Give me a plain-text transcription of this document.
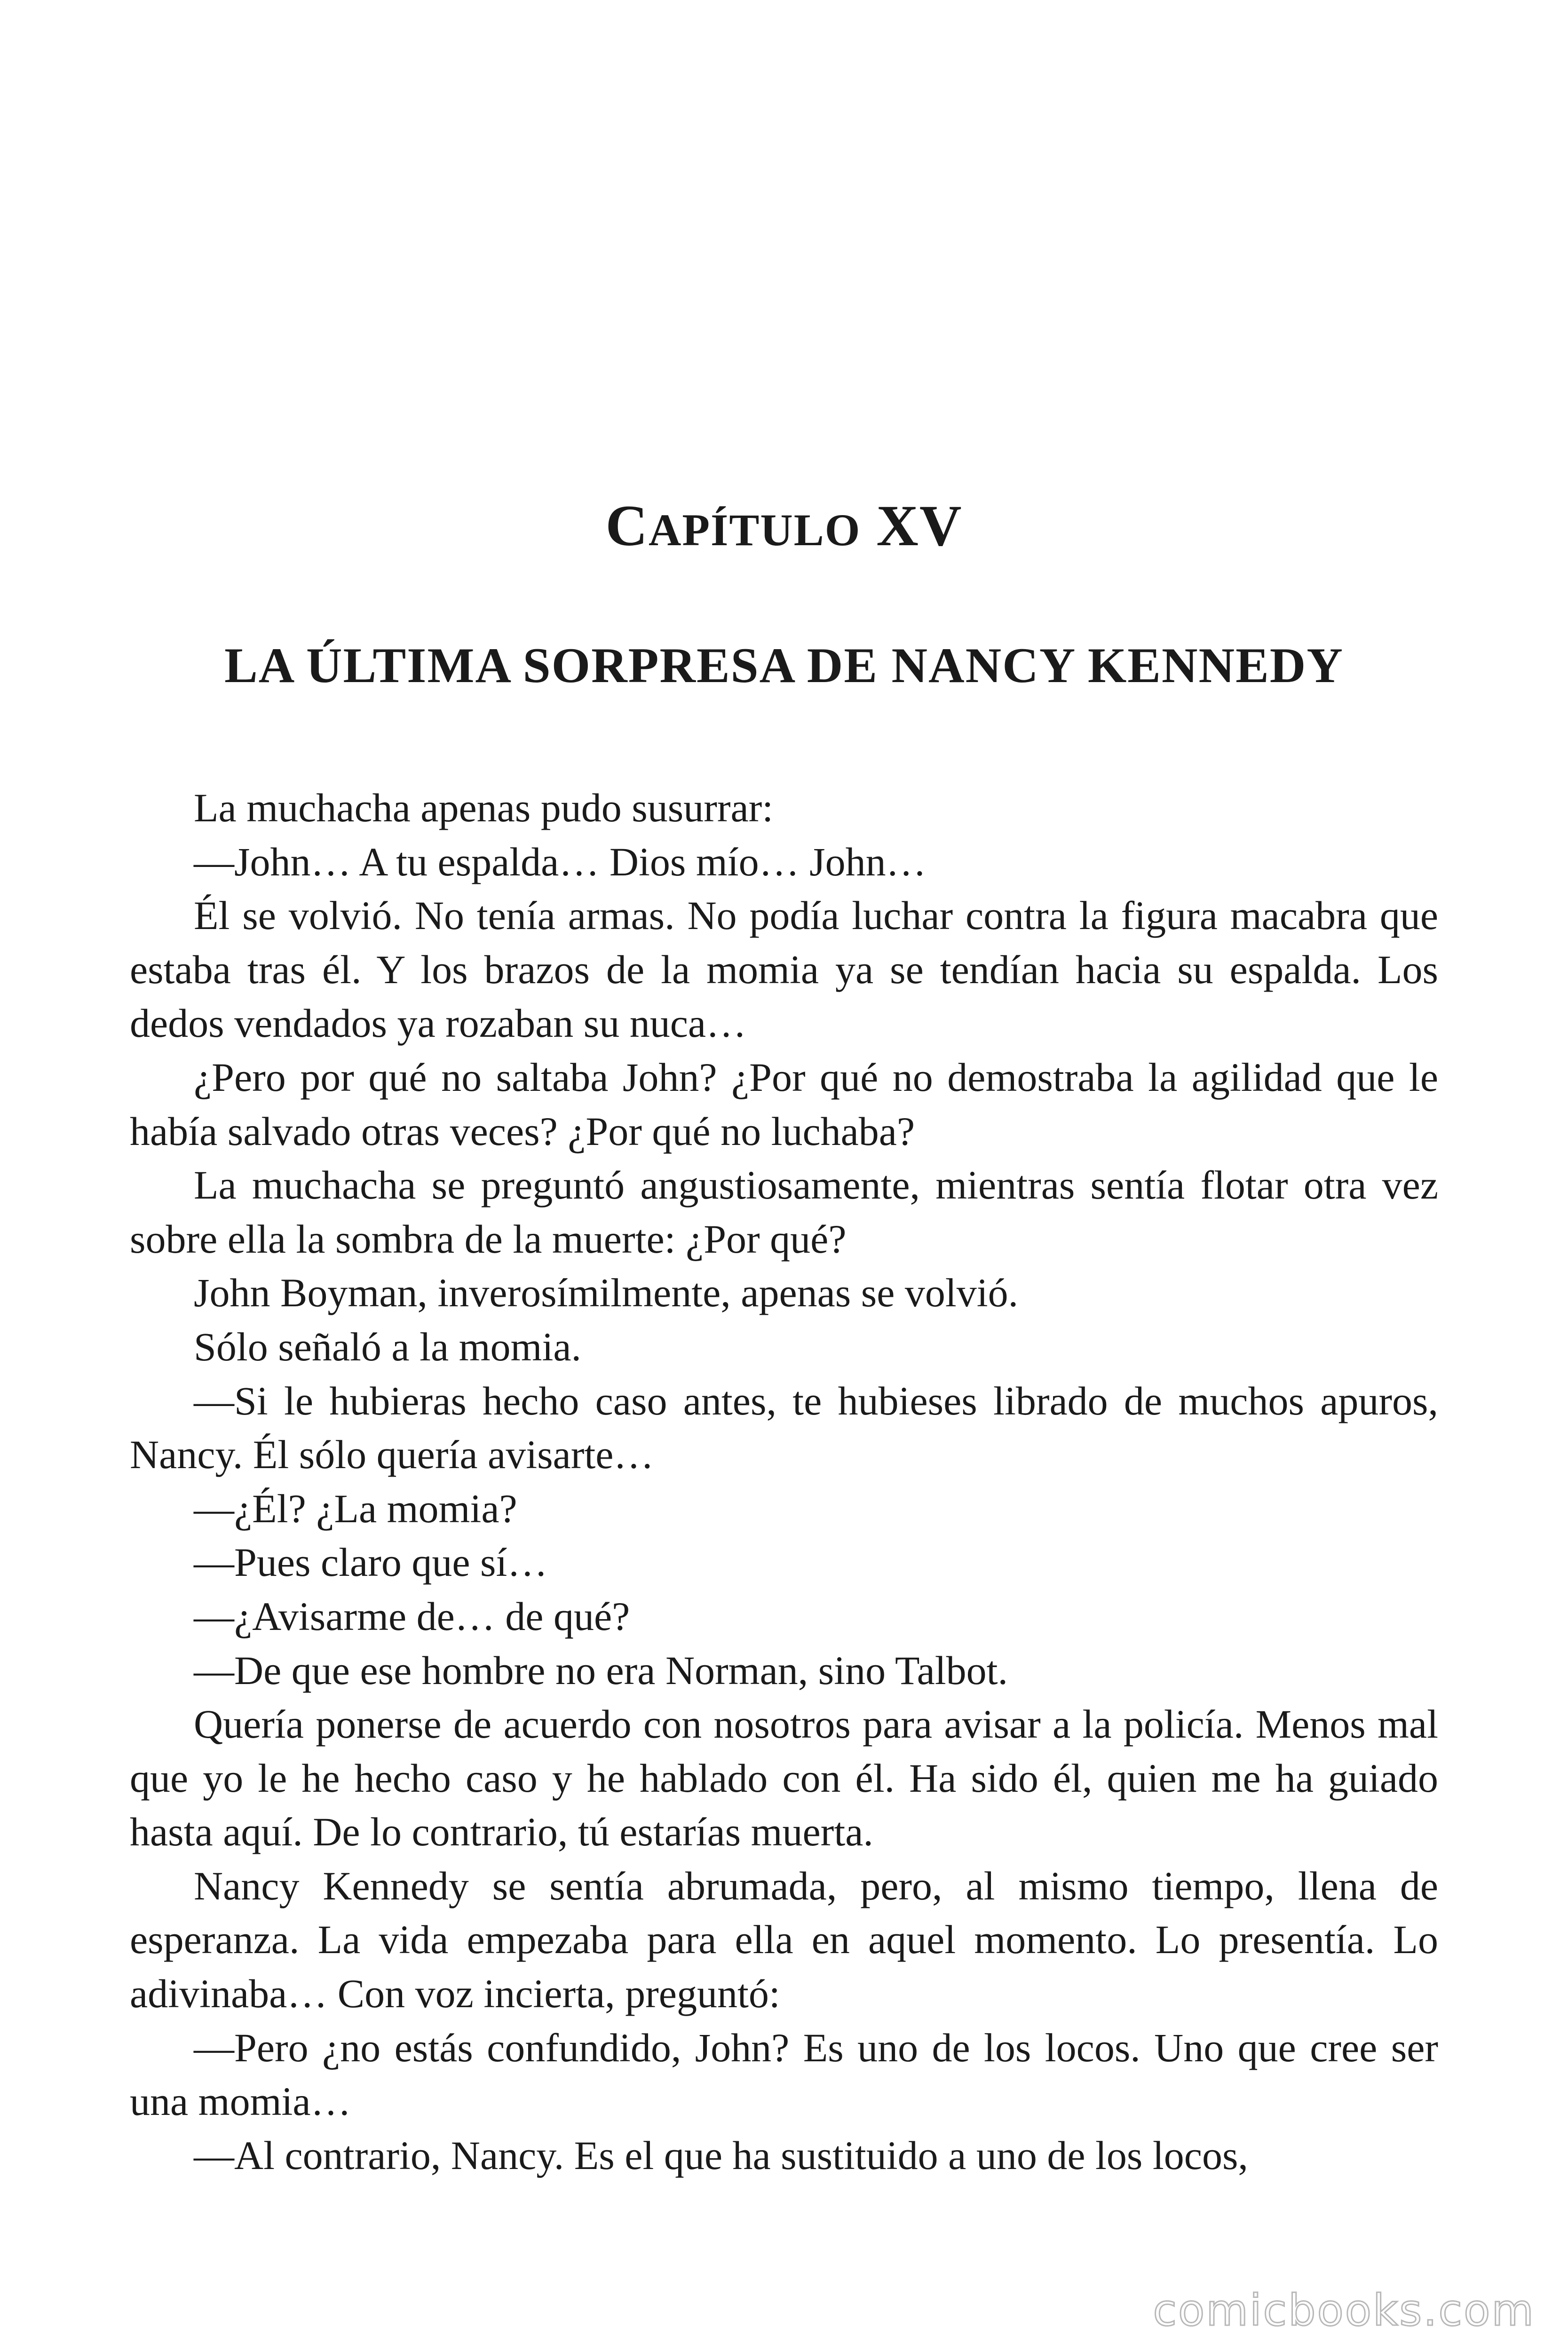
CAPÍTULO XV
LA ÚLTIMA SORPRESA DE NANCY KENNEDY

La muchacha apenas pudo susurrar:

—John… A tu espalda… Dios mío… John…

Él se volvió. No tenía armas. No podía luchar contra la figura macabra que estaba tras él. Y los brazos de la momia ya se tendían hacia su espalda. Los dedos vendados ya rozaban su nuca…

¿Pero por qué no saltaba John? ¿Por qué no demostraba la agilidad que le había salvado otras veces? ¿Por qué no luchaba?

La muchacha se preguntó angustiosamente, mientras sentía flotar otra vez sobre ella la sombra de la muerte: ¿Por qué?

John Boyman, inverosímilmente, apenas se volvió.

Sólo señaló a la momia.

—Si le hubieras hecho caso antes, te hubieses librado de muchos apuros, Nancy. Él sólo quería avisarte…

—¿Él? ¿La momia?

—Pues claro que sí…

—¿Avisarme de… de qué?

—De que ese hombre no era Norman, sino Talbot.

Quería ponerse de acuerdo con nosotros para avisar a la policía. Menos mal que yo le he hecho caso y he hablado con él. Ha sido él, quien me ha guiado hasta aquí. De lo contrario, tú estarías muerta.

Nancy Kennedy se sentía abrumada, pero, al mismo tiempo, llena de esperanza. La vida empezaba para ella en aquel momento. Lo presentía. Lo adivinaba… Con voz incierta, preguntó:

—Pero ¿no estás confundido, John? Es uno de los locos. Uno que cree ser una momia…

—Al contrario, Nancy. Es el que ha sustituido a uno de los locos,

comicbooks.com
